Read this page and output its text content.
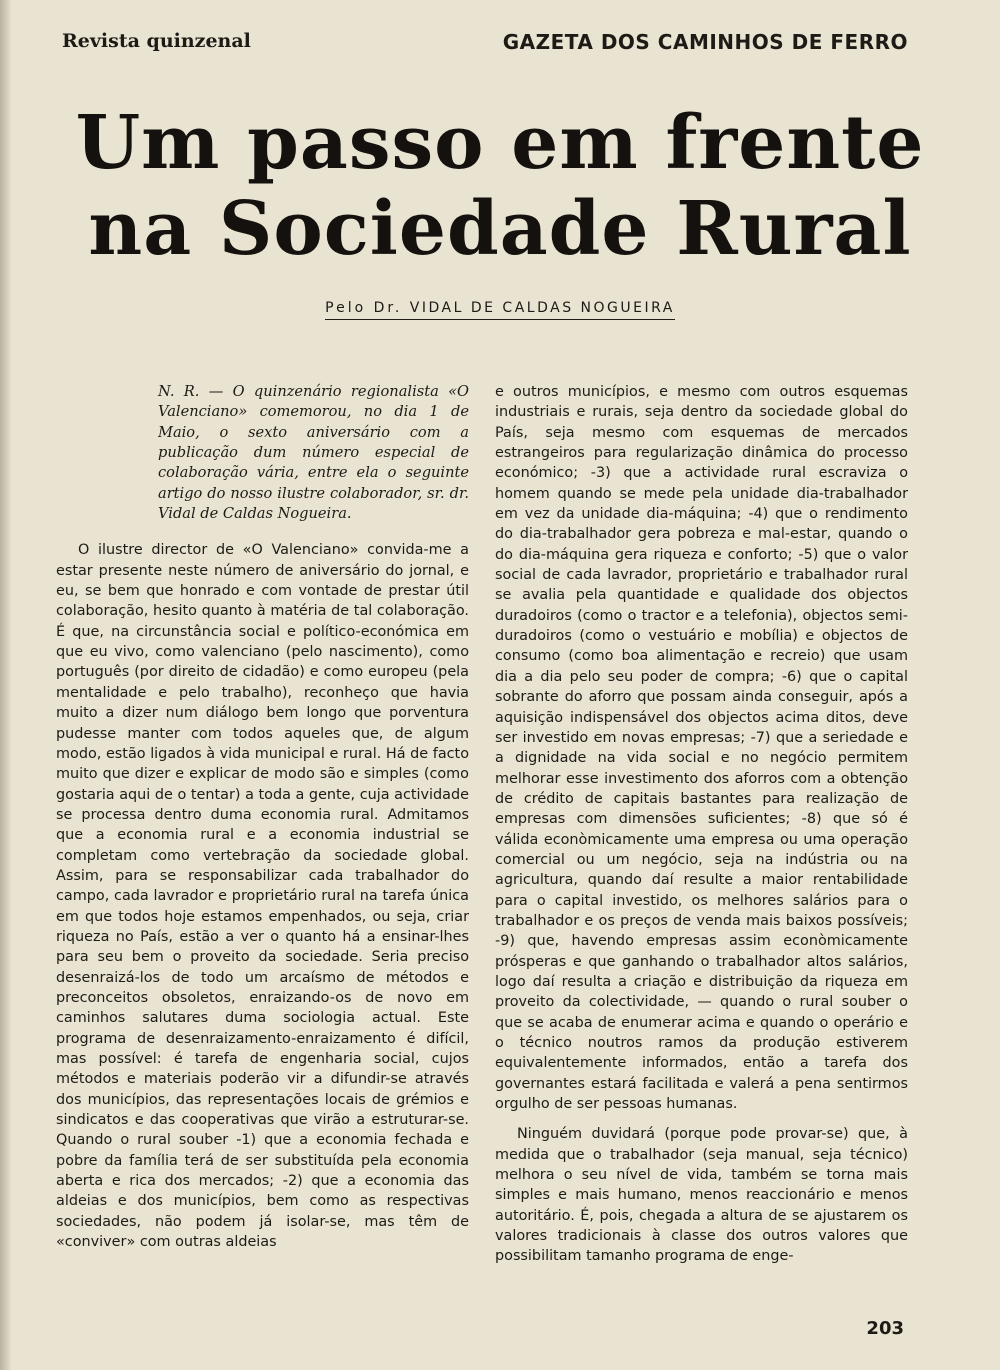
Revista quinzenal	GAZETA DOS CAMINHOS DE FERRO
Um passo em frente
na Sociedade Rural
Pelo Dr. VIDAL DE CALDAS NOGUEIRA

N. R. — O quinzenário regionalista «O Valenciano» comemorou, no dia 1 de Maio, o sexto aniversário com a publicação dum número especial de colaboração vária, entre ela o seguinte artigo do nosso ilustre colaborador, sr. dr. Vidal de Caldas Nogueira.

O ilustre director de «O Valenciano» convida-me a estar presente neste número de aniversário do jornal, e eu, se bem que honrado e com vontade de prestar útil colaboração, hesito quanto à matéria de tal colaboração. É que, na circunstância social e político-económica em que eu vivo, como valenciano (pelo nascimento), como português (por direito de cidadão) e como europeu (pela mentalidade e pelo trabalho), reconheço que havia muito a dizer num diálogo bem longo que porventura pudesse manter com todos aqueles que, de algum modo, estão ligados à vida municipal e rural. Há de facto muito que dizer e explicar de modo são e simples (como gostaria aqui de o tentar) a toda a gente, cuja actividade se processa dentro duma economia rural. Admitamos que a economia rural e a economia industrial se completam como vertebração da sociedade global. Assim, para se responsabilizar cada trabalhador do campo, cada lavrador e proprietário rural na tarefa única em que todos hoje estamos empenhados, ou seja, criar riqueza no País, estão a ver o quanto há a ensinar-lhes para seu bem o proveito da sociedade. Seria preciso desenraizá-los de todo um arcaísmo de métodos e preconceitos obsoletos, enraizando-os de novo em caminhos salutares duma sociologia actual. Este programa de desenraizamento-enraizamento é difícil, mas possível: é tarefa de engenharia social, cujos métodos e materiais poderão vir a difundir-se através dos municípios, das representações locais de grémios e sindicatos e das cooperativas que virão a estruturar-se. Quando o rural souber -1) que a economia fechada e pobre da família terá de ser substituída pela economia aberta e rica dos mercados; -2) que a economia das aldeias e dos municípios, bem como as respectivas sociedades, não podem já isolar-se, mas têm de «conviver» com outras aldeias

e outros municípios, e mesmo com outros esquemas industriais e rurais, seja dentro da sociedade global do País, seja mesmo com esquemas de mercados estrangeiros para regularização dinâmica do processo económico; -3) que a actividade rural escraviza o homem quando se mede pela unidade dia-trabalhador em vez da unidade dia-máquina; -4) que o rendimento do dia-trabalhador gera pobreza e mal-estar, quando o do dia-máquina gera riqueza e conforto; -5) que o valor social de cada lavrador, proprietário e trabalhador rural se avalia pela quantidade e qualidade dos objectos duradoiros (como o tractor e a telefonia), objectos semi-duradoiros (como o vestuário e mobília) e objectos de consumo (como boa alimentação e recreio) que usam dia a dia pelo seu poder de compra; -6) que o capital sobrante do aforro que possam ainda conseguir, após a aquisição indispensável dos objectos acima ditos, deve ser investido em novas empresas; -7) que a seriedade e a dignidade na vida social e no negócio permitem melhorar esse investimento dos aforros com a obtenção de crédito de capitais bastantes para realização de empresas com dimensões suficientes; -8) que só é válida econòmicamente uma empresa ou uma operação comercial ou um negócio, seja na indústria ou na agricultura, quando daí resulte a maior rentabilidade para o capital investido, os melhores salários para o trabalhador e os preços de venda mais baixos possíveis; -9) que, havendo empresas assim econòmicamente prósperas e que ganhando o trabalhador altos salários, logo daí resulta a criação e distribuição da riqueza em proveito da colectividade, — quando o rural souber o que se acaba de enumerar acima e quando o operário e o técnico noutros ramos da produção estiverem equivalentemente informados, então a tarefa dos governantes estará facilitada e valerá a pena sentirmos orgulho de ser pessoas humanas.

Ninguém duvidará (porque pode provar-se) que, à medida que o trabalhador (seja manual, seja técnico) melhora o seu nível de vida, também se torna mais simples e mais humano, menos reaccionário e menos autoritário. É, pois, chegada a altura de se ajustarem os valores tradicionais à classe dos outros valores que possibilitam tamanho programa de enge-

203
